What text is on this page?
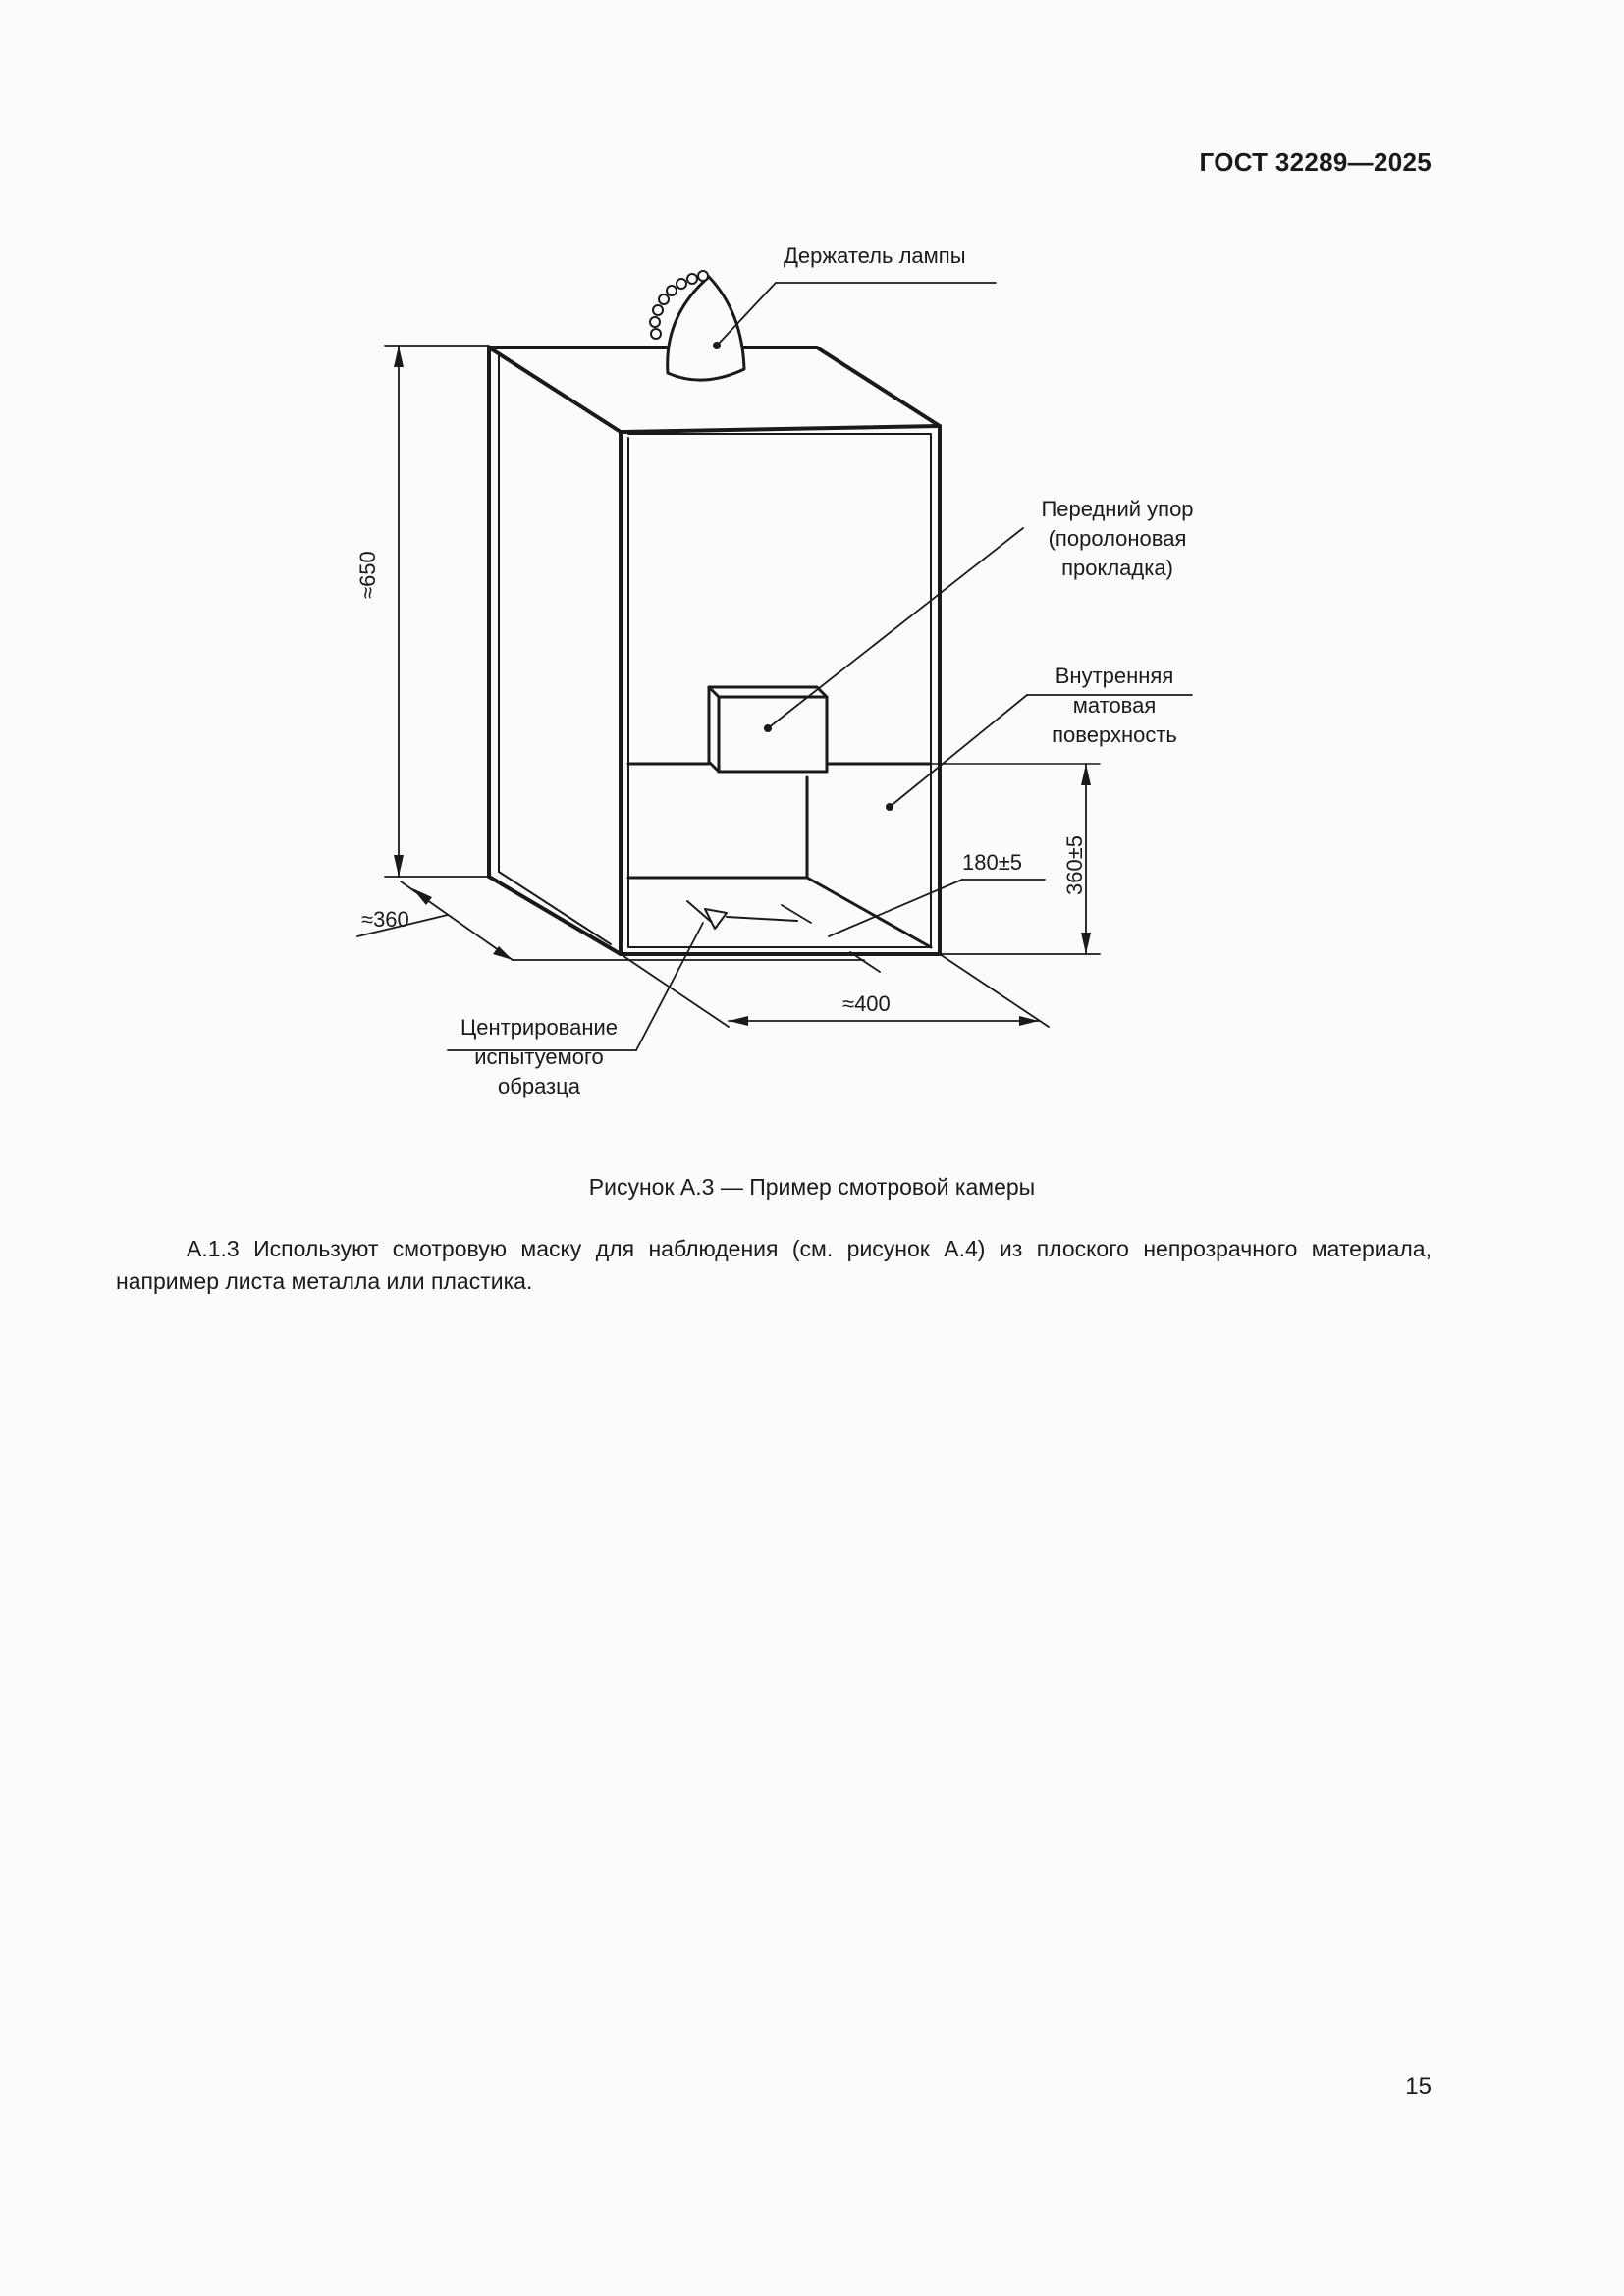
ГОСТ 32289—2025
Держатель лампы
Передний упор
(поролоновая
прокладка)
Внутренняя
матовая
поверхность
Центрирование
испытуемого
образца
≈650
≈360
≈400
180±5 360±5
Рисунок А.3 — Пример смотровой камеры
А.1.3 Используют смотровую маску для наблюдения (см. рисунок А.4) из плоского непрозрачного материала, например листа металла или пластика.
15
